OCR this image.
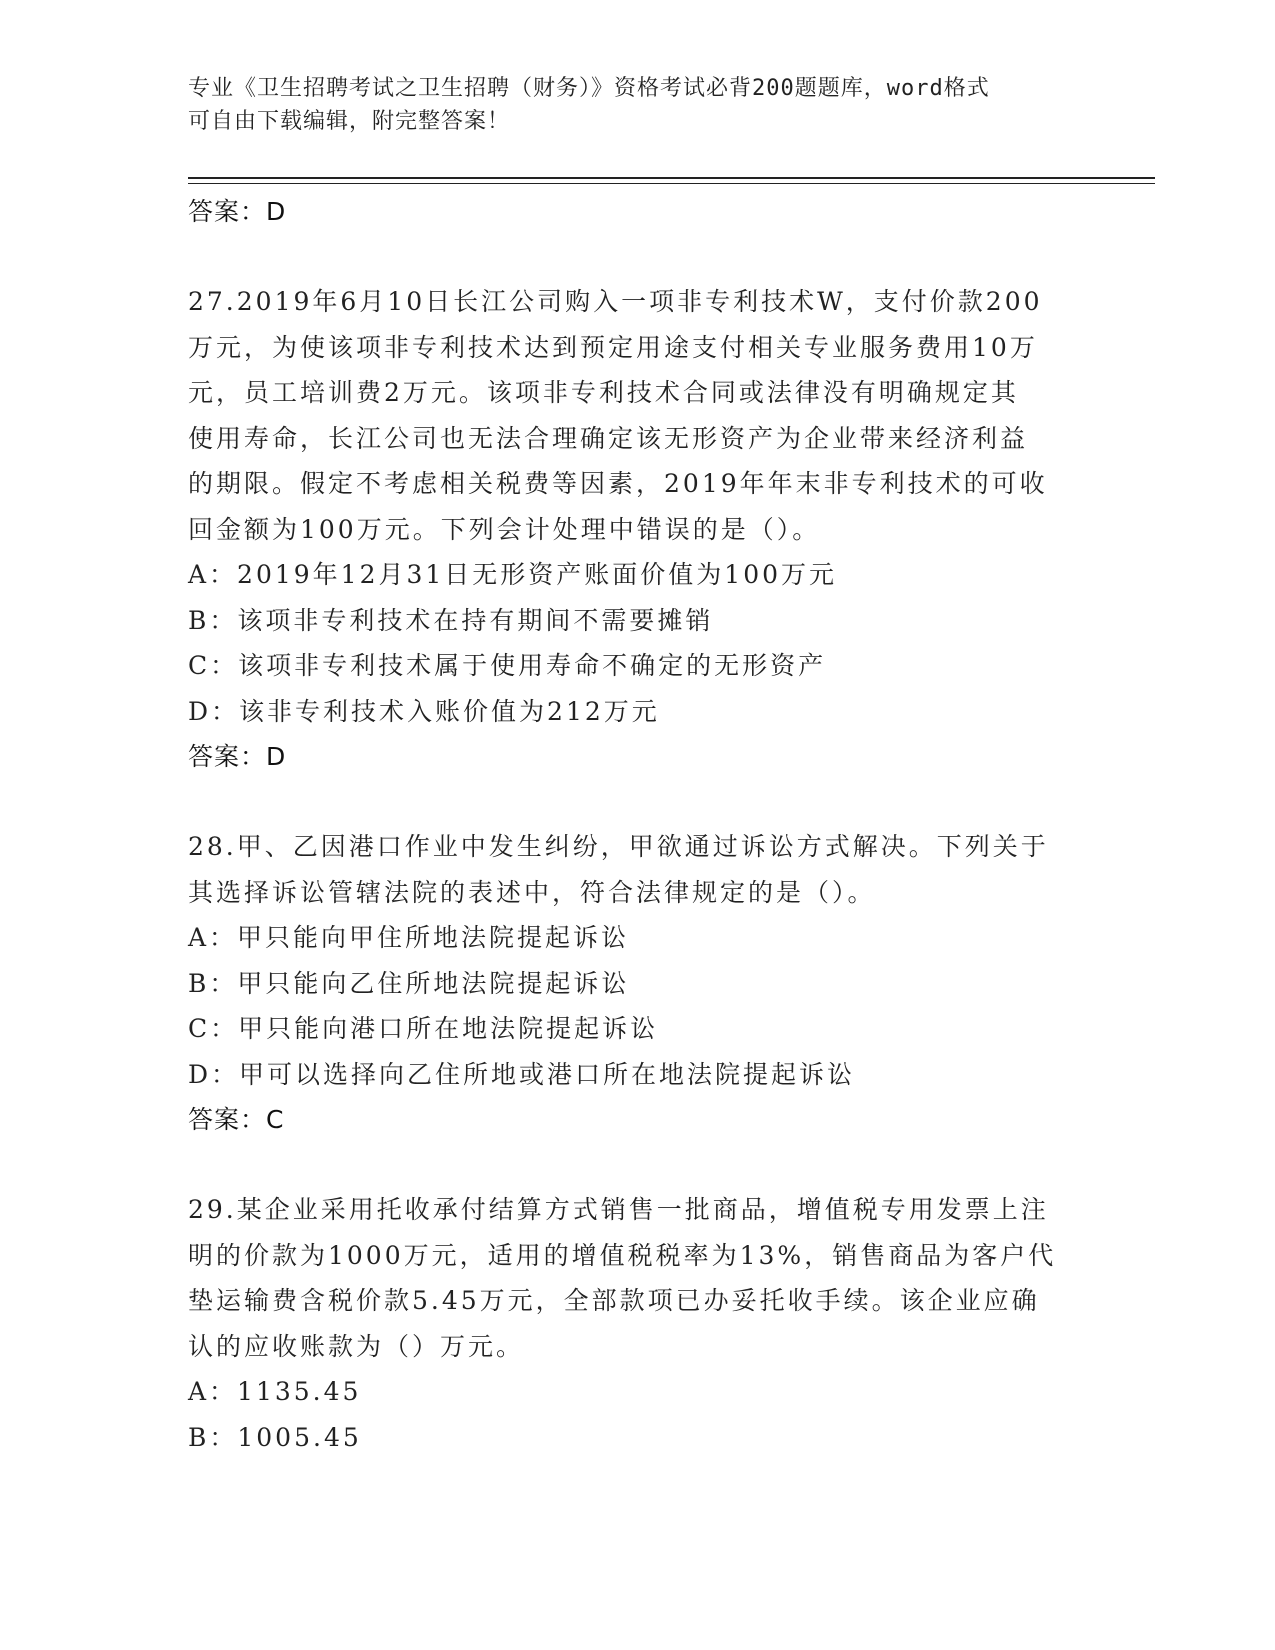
专业《卫生招聘考试之卫生招聘（财务）》资格考试必背200题题库，word格式
可自由下载编辑，附完整答案！
答案：D
27.2019年6月10日长江公司购入一项非专利技术W，支付价款200
万元，为使该项非专利技术达到预定用途支付相关专业服务费用10万
元，员工培训费2万元。该项非专利技术合同或法律没有明确规定其
使用寿命，长江公司也无法合理确定该无形资产为企业带来经济利益
的期限。假定不考虑相关税费等因素，2019年年末非专利技术的可收
回金额为100万元。下列会计处理中错误的是（）。
A：2019年12月31日无形资产账面价值为100万元
B：该项非专利技术在持有期间不需要摊销
C：该项非专利技术属于使用寿命不确定的无形资产
D：该非专利技术入账价值为212万元
答案：D
28.甲、乙因港口作业中发生纠纷，甲欲通过诉讼方式解决。下列关于
其选择诉讼管辖法院的表述中，符合法律规定的是（）。
A：甲只能向甲住所地法院提起诉讼
B：甲只能向乙住所地法院提起诉讼
C：甲只能向港口所在地法院提起诉讼
D：甲可以选择向乙住所地或港口所在地法院提起诉讼
答案：C
29.某企业采用托收承付结算方式销售一批商品，增值税专用发票上注
明的价款为1000万元，适用的增值税税率为13%，销售商品为客户代
垫运输费含税价款5.45万元，全部款项已办妥托收手续。该企业应确
认的应收账款为（）万元。
A：1135.45
B：1005.45
